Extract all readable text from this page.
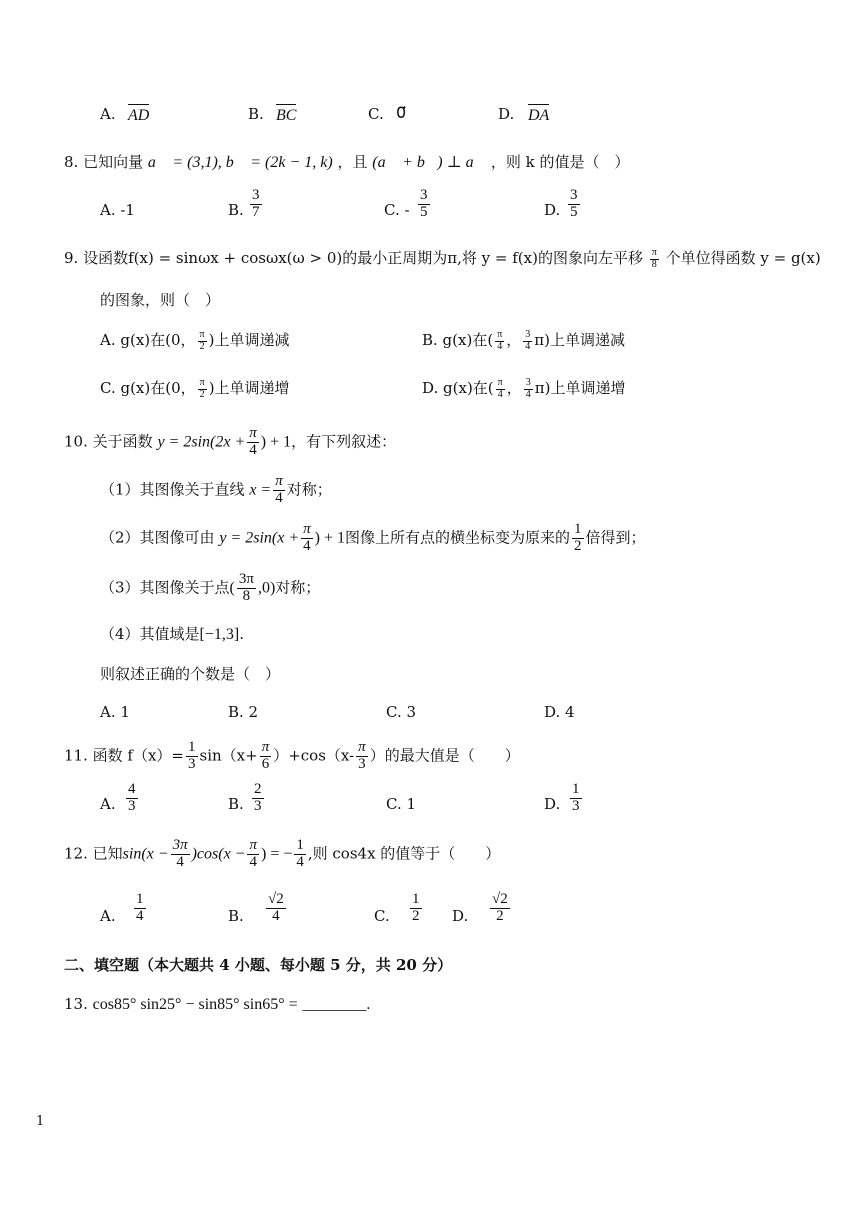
A. AD	B. BC	C. 0⃗	D. DA
8. 已知向量 a⃗ = (3,1), b⃗ = (2k − 1, k) ，且 (a⃗ + b⃗) ⊥ a⃗ ，则 k 的值是（　）
A. -1	B. $\frac{3}{7}$	C. - $\frac{3}{5}$	D. $\frac{3}{5}$
9. 设函数f(x) = sinωx + cosωx(ω > 0)的最小正周期为π,将 y = f(x)的图象向左平移 $\frac{\pi}{8}$ 个单位得函数 y = g(x)
的图象，则（　）
A. g(x)在(0， $\frac{\pi}{2}$ )上单调递减	B. g(x)在( $\frac{\pi}{4}$ ， $\frac{3}{4} \pi$)上单调递减
C. g(x)在(0， $\frac{\pi}{2}$ )上单调递增	D. g(x)在( $\frac{\pi}{4}$ ， $\frac{3}{4} \pi$)上单调递增
10. 关于函数 $y = 2\sin(2x + \frac{\pi}{4}$ ) + 1，有下列叙述：
（1）其图像关于直线 $x = \frac{\pi}{4}$ 对称；
（2）其图像可由 $y = 2\sin(x + \frac{\pi}{4}$ ) + 1图像上所有点的横坐标变为原来的 $\frac{1}{2}$ 倍得到；
（3）其图像关于点( $\frac{3\pi}{8} ,0$)对称；
（4）其值域是[−1,3].
则叙述正确的个数是（　）
A. 1	B. 2	C. 3	D. 4
11. 函数 $f(x)= \frac{1}{3} \sin(x+ \frac{\pi}{6} )+\cos(x- \frac{\pi}{3}$ ）的最大值是（　　）
A. $\frac{4}{3}$	B. $\frac{2}{3}$	C. 1	D. $\frac{1}{3}$
12. 已知$\sin(x - \frac{3\pi}{4} )\cos(x - \frac{\pi}{4}$ ) = − $\frac{1}{4}$ ,则 cos4x 的值等于（　　）
A. $\frac{1}{4}$	B. $\frac{√2}{4}$	C. $\frac{1}{2} D$. $\frac{√2}{2}$
二、填空题（本大题共 4 小题、每小题 5 分，共 20 分）
13. cos85° sin25° − sin85° sin65° = ________.
1
